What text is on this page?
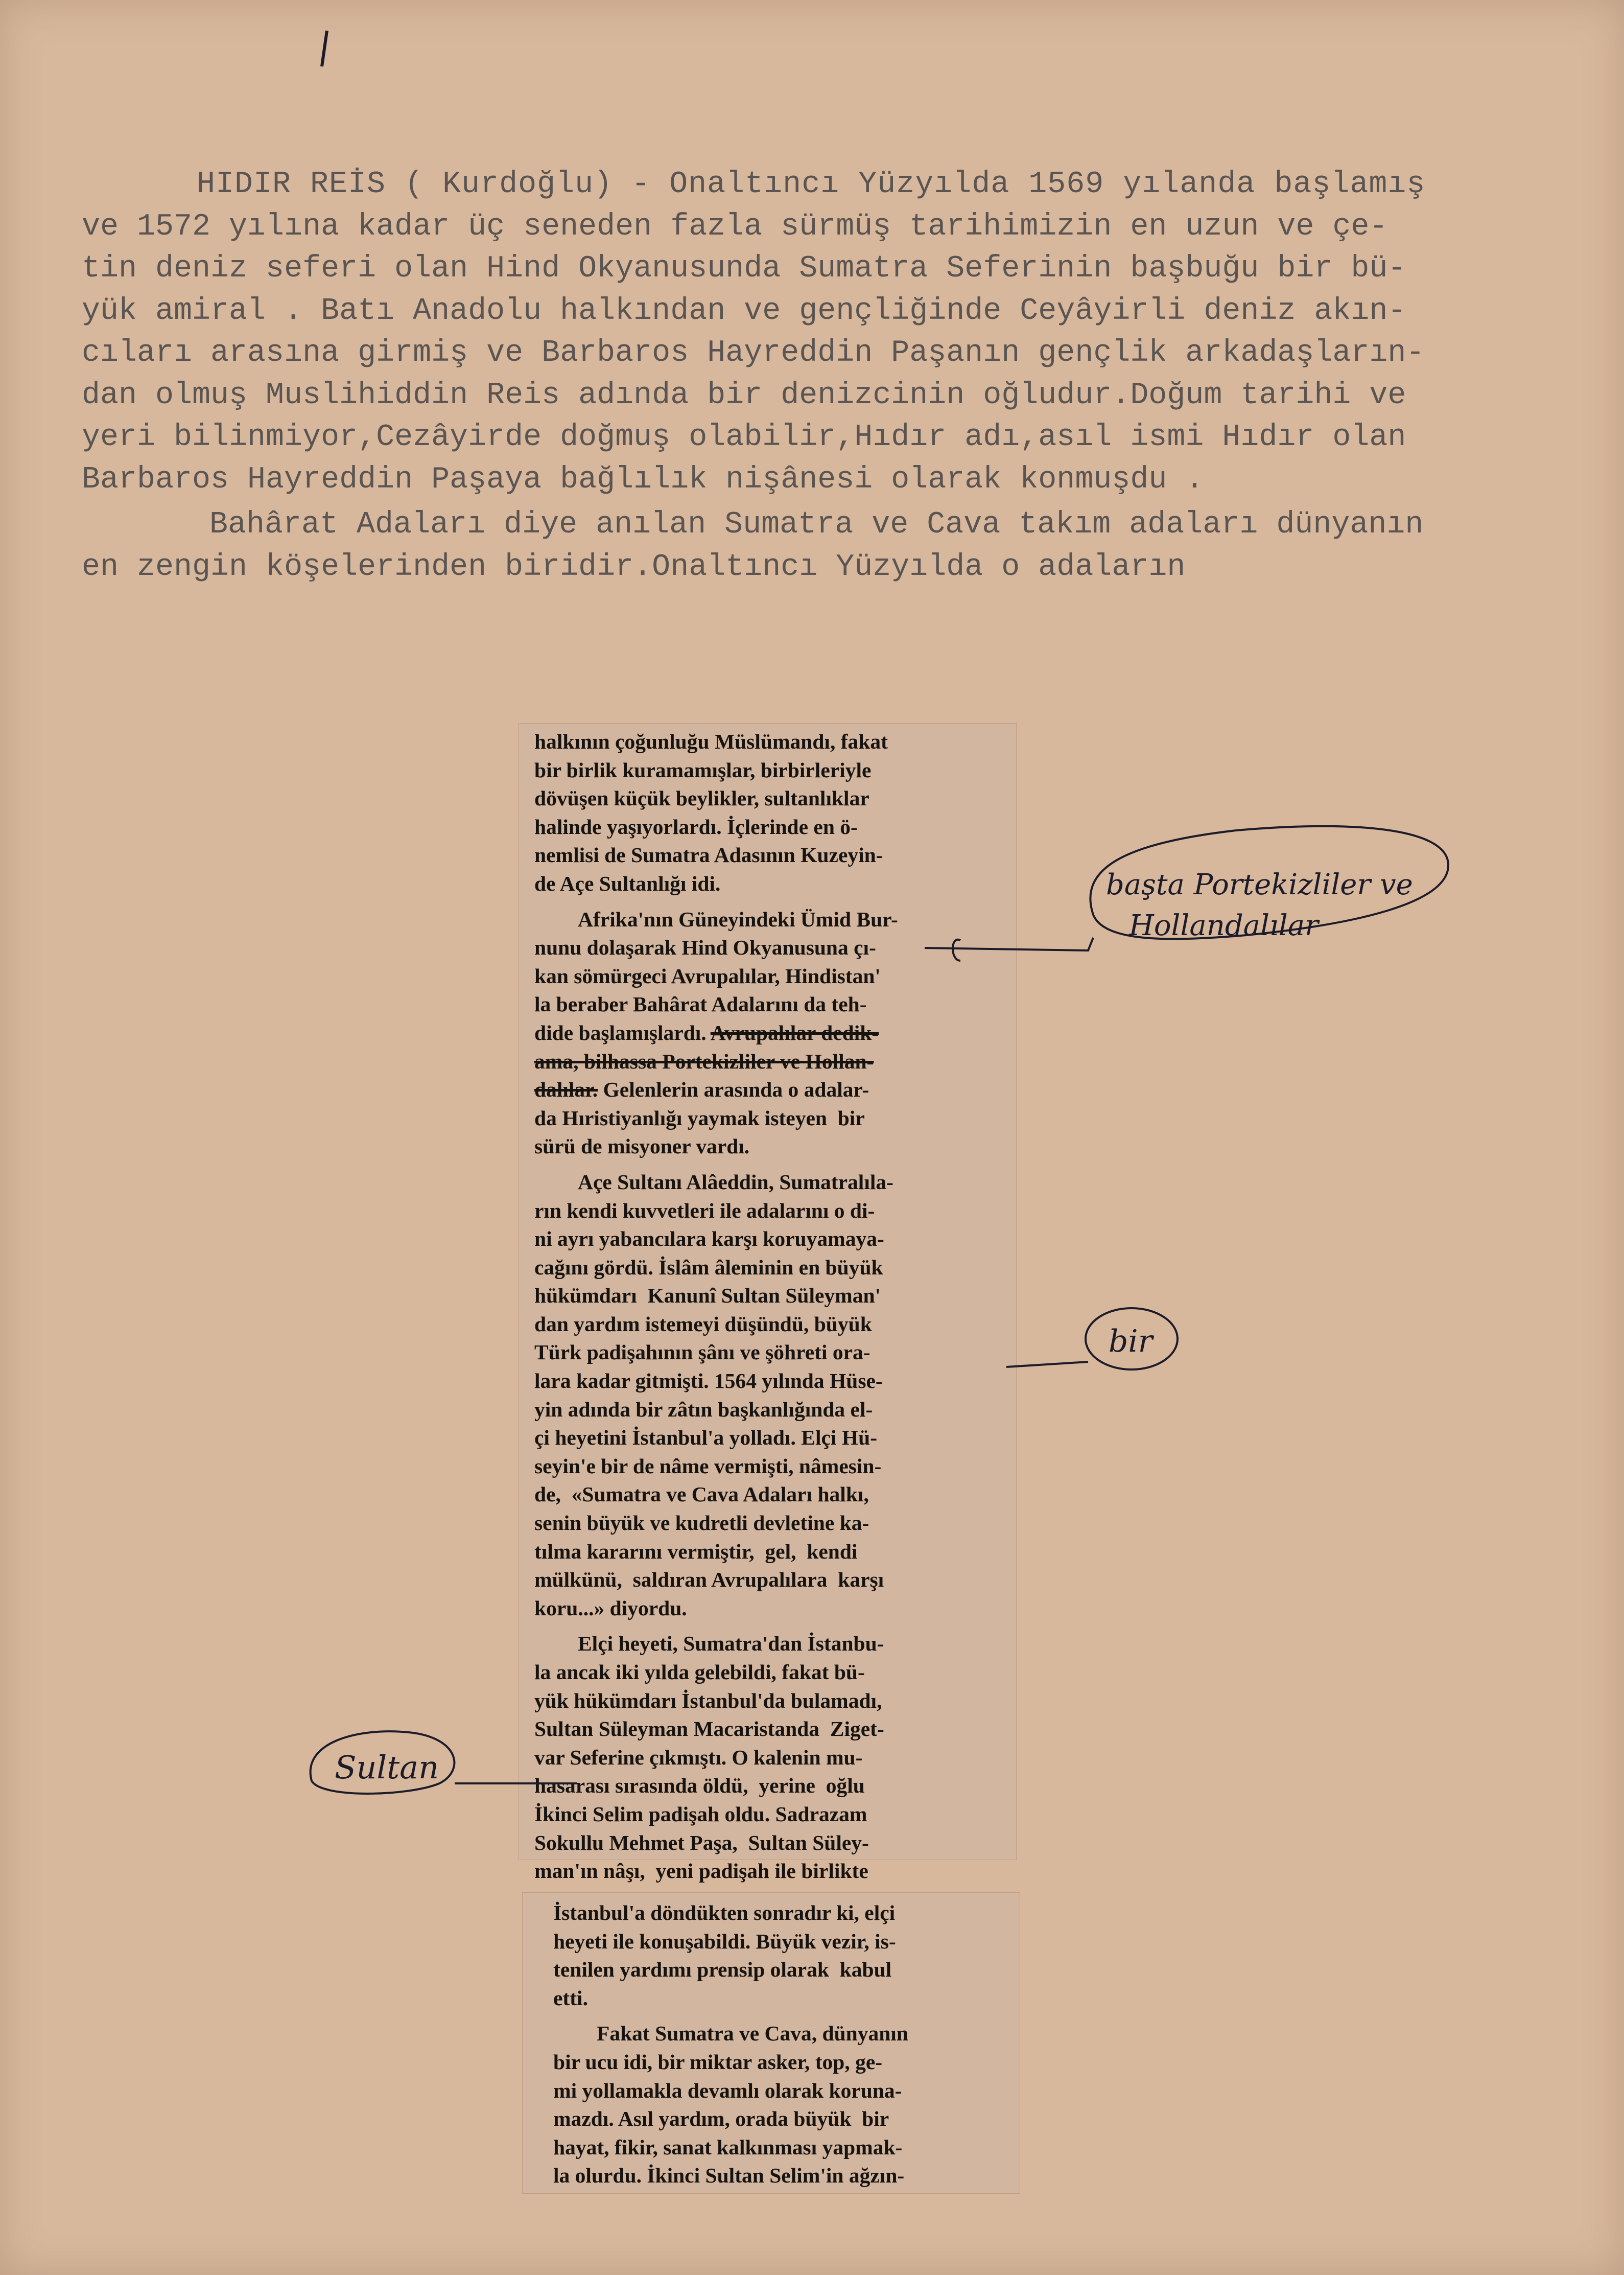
HIDIR REİS ( Kurdoğlu) - Onaltıncı Yüzyılda 1569 yılanda başlamış

ve 1572 yılına kadar üç seneden fazla sürmüş tarihimizin en uzun ve çe-

tin deniz seferi olan Hind Okyanusunda Sumatra Seferinin başbuğu bir bü-

yük amiral . Batı Anadolu halkından ve gençliğinde Ceyâyirli deniz akın-

cıları arasına girmiş ve Barbaros Hayreddin Paşanın gençlik arkadaşların-

dan olmuş Muslihiddin Reis adında bir denizcinin oğludur.Doğum tarihi ve

yeri bilinmiyor,Cezâyirde doğmuş olabilir,Hıdır adı,asıl ismi Hıdır olan

Barbaros Hayreddin Paşaya bağlılık nişânesi olarak konmuşdu .

Bahârat Adaları diye anılan Sumatra ve Cava takım adaları dünyanın

en zengin köşelerinden biridir.Onaltıncı Yüzyılda o adaların

halkının çoğunluğu Müslümandı, fakat

bir birlik kuramamışlar, birbirleriyle

dövüşen küçük beylikler, sultanlıklar

halinde yaşıyorlardı. İçlerinde en ö-

nemlisi de Sumatra Adasının Kuzeyin-

de Açe Sultanlığı idi.

Afrika'nın Güneyindeki Ümid Bur-

nunu dolaşarak Hind Okyanusuna çı-

kan sömürgeci Avrupalılar, Hindistan'

la beraber Bahârat Adalarını da teh-

dide başlamışlardı. Avrupalılar dedik-

ama, bilhassa Portekizliler ve Hollan-

dalılar. Gelenlerin arasında o adalar-

da Hıristiyanlığı yaymak isteyen  bir

sürü de misyoner vardı.

Açe Sultanı Alâeddin, Sumatralıla-

rın kendi kuvvetleri ile adalarını o di-

ni ayrı yabancılara karşı koruyamaya-

cağını gördü. İslâm âleminin en büyük

hükümdarı  Kanunî Sultan Süleyman'

dan yardım istemeyi düşündü, büyük

Türk padişahının şânı ve şöhreti ora-

lara kadar gitmişti. 1564 yılında Hüse-

yin adında bir zâtın başkanlığında el-

çi heyetini İstanbul'a yolladı. Elçi Hü-

seyin'e bir de nâme vermişti, nâmesin-

de,  «Sumatra ve Cava Adaları halkı,

senin büyük ve kudretli devletine ka-

tılma kararını vermiştir,  gel,  kendi

mülkünü,  saldıran Avrupalılara  karşı

koru...» diyordu.

Elçi heyeti, Sumatra'dan İstanbu-

la ancak iki yılda gelebildi, fakat bü-

yük hükümdarı İstanbul'da bulamadı,

Sultan Süleyman Macaristanda  Ziget-

var Seferine çıkmıştı. O kalenin mu-

hasarası sırasında öldü,  yerine  oğlu

İkinci Selim padişah oldu. Sadrazam

Sokullu Mehmet Paşa,  Sultan Süley-

man'ın nâşı,  yeni padişah ile birlikte

İstanbul'a döndükten sonradır ki, elçi

heyeti ile konuşabildi. Büyük vezir, is-

tenilen yardımı prensip olarak  kabul

etti.

Fakat Sumatra ve Cava, dünyanın

bir ucu idi, bir miktar asker, top, ge-

mi yollamakla devamlı olarak koruna-

mazdı. Asıl yardım, orada büyük  bir

hayat, fikir, sanat kalkınması yapmak-

la olurdu. İkinci Sultan Selim'in ağzın-

başta Portekizliler ve
Hollandalılar
bir
Sultan
